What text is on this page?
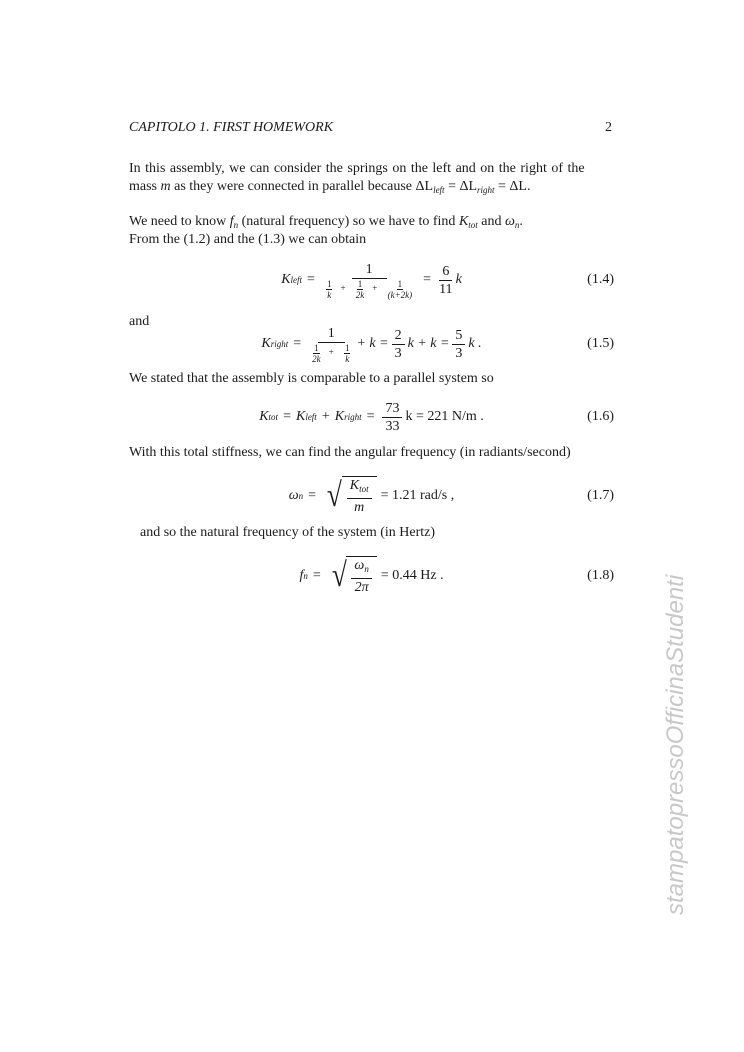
CAPITOLO 1. FIRST HOMEWORK	2
In this assembly, we can consider the springs on the left and on the right of the
mass m as they were connected in parallel because $\Delta L_{left} = \Delta L_{right} = \Delta L$.
We need to know $f_n$ (natural frequency) so we have to find $K_{tot}$ and $\omega_n$.
From the (1.2) and the (1.3) we can obtain
K left = $\frac{1}{\frac{1}{k} + \frac{1}{2k} + \frac{1}{(k+2k)}} = \frac{6}{11}$ k	(1.4)
and
K right = $\frac{1}{\frac{1}{2k} + \frac{1}{k}} + k = \frac{2}{3}$ $k + k = \frac{5}{3}$ k .	(1.5)
We stated that the assembly is comparable to a parallel system so
K tot = K left + K right = $\frac{73}{33}$ k = 221 N/m .	(1.6)
With this total stiffness, we can find the angular frequency (in radiants/second)
ω n = √ $\frac{K_{tot}}{m} = 1.21$ rad/s ,	(1.7)
and so the natural frequency of the system (in Hertz)
f n = √ $\frac{\omega_n}{2\pi} = 0.44$ Hz .	(1.8) stampatopressoOfficinaStudenti
